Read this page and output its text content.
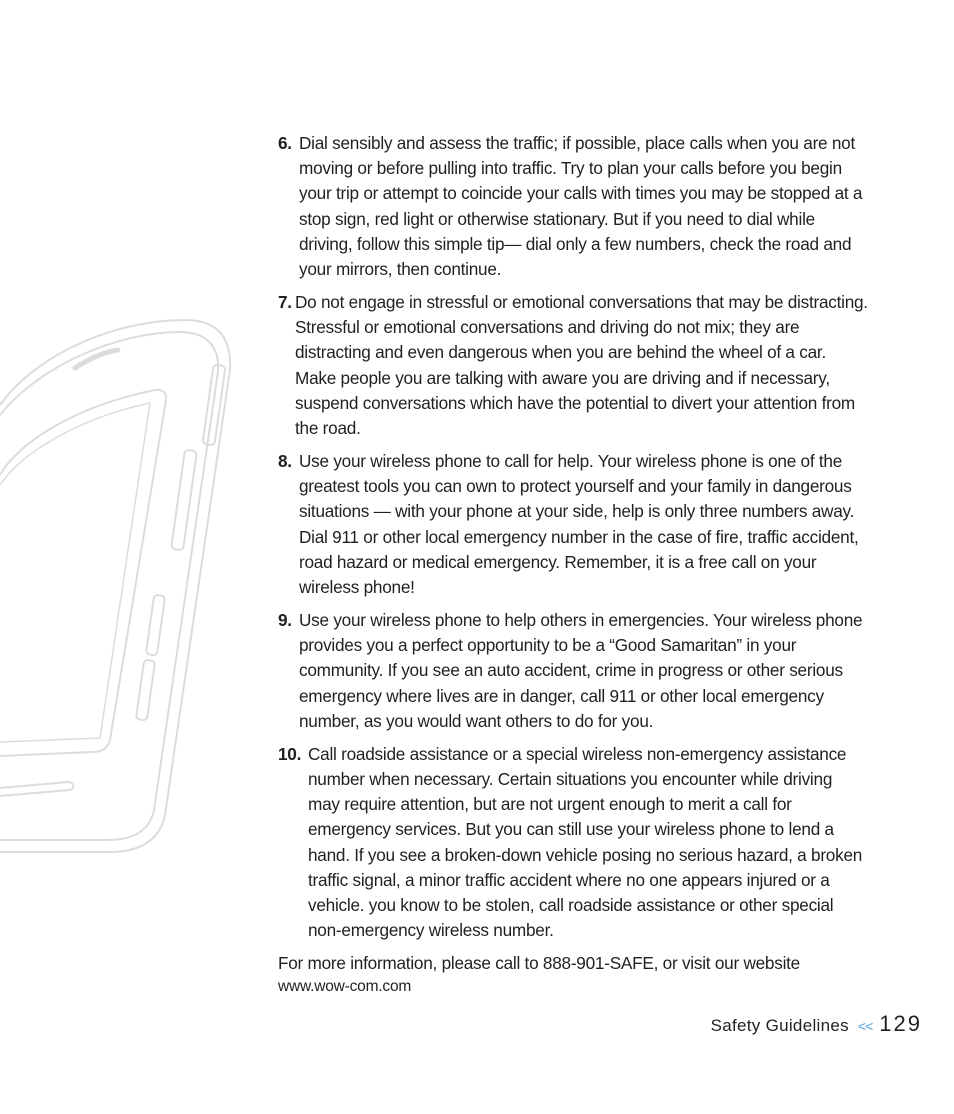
6. Dial sensibly and assess the traffic; if possible, place calls when you are not moving or before pulling into traffic. Try to plan your calls before you begin your trip or attempt to coincide your calls with times you may be stopped at a stop sign, red light or otherwise stationary. But if you need to dial while driving, follow this simple tip— dial only a few numbers, check the road and your mirrors, then continue.
7. Do not engage in stressful or emotional conversations that may be distracting. Stressful or emotional conversations and driving do not mix; they are distracting and even dangerous when you are behind the wheel of a car. Make people you are talking with aware you are driving and if necessary, suspend conversations which have the potential to divert your attention from the road.
8. Use your wireless phone to call for help. Your wireless phone is one of the greatest tools you can own to protect yourself and your family in dangerous situations — with your phone at your side, help is only three numbers away. Dial 911 or other local emergency number in the case of fire, traffic accident, road hazard or medical emergency. Remember, it is a free call on your wireless phone!
9. Use your wireless phone to help others in emergencies. Your wireless phone provides you a perfect opportunity to be a “Good Samaritan” in your community. If you see an auto accident, crime in progress or other serious emergency where lives are in danger, call 911 or other local emergency number, as you would want others to do for you.
10. Call roadside assistance or a special wireless non-emergency assistance number when necessary. Certain situations you encounter while driving may require attention, but are not urgent enough to merit a call for emergency services. But you can still use your wireless phone to lend a hand. If you see a broken-down vehicle posing no serious hazard, a broken traffic signal, a minor traffic accident where no one appears injured or a vehicle. you know to be stolen, call roadside assistance or other special non-emergency wireless number.
For more information, please call to 888-901-SAFE, or visit our website
www.wow-com.com
Safety Guidelines << 129
